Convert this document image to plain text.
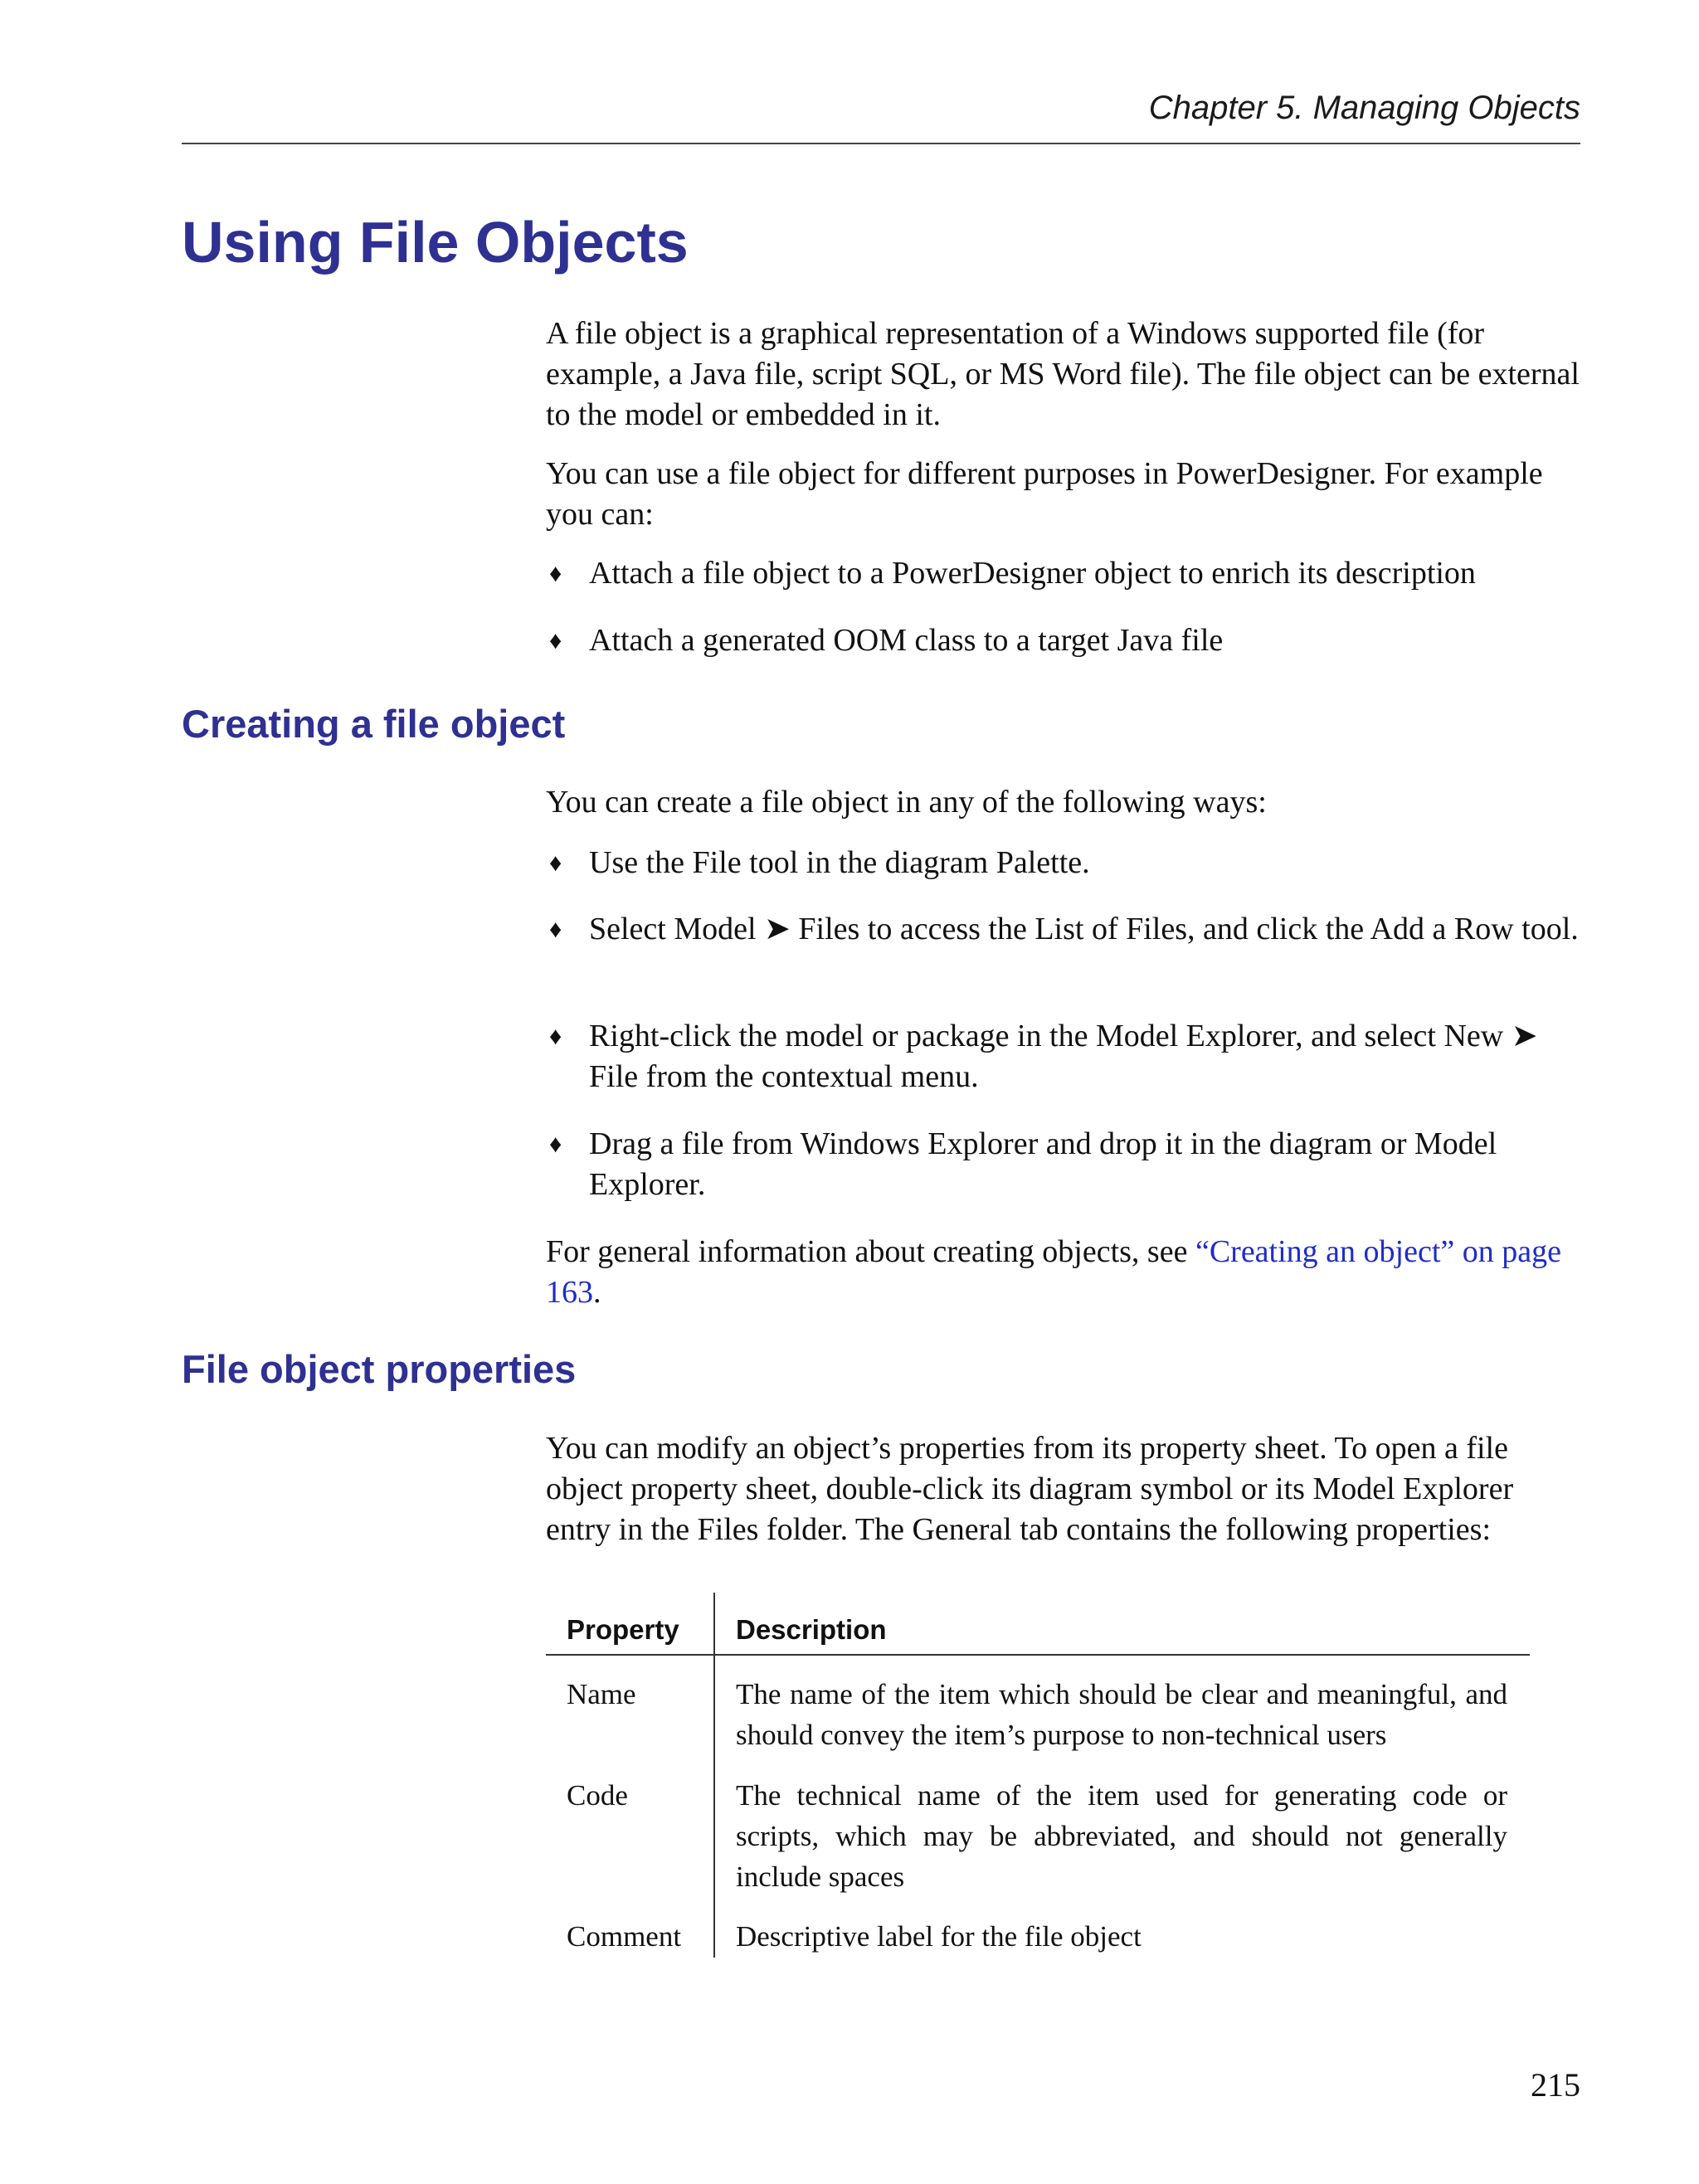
Chapter 5. Managing Objects
Using File Objects

A file object is a graphical representation of a Windows supported file (for example, a Java file, script SQL, or MS Word file). The file object can be external to the model or embedded in it.

You can use a file object for different purposes in PowerDesigner. For example you can:

♦ Attach a file object to a PowerDesigner object to enrich its description
♦ Attach a generated OOM class to a target Java file
Creating a file object

You can create a file object in any of the following ways:

♦ Use the File tool in the diagram Palette.
♦ Select Model ➤ Files to access the List of Files, and click the Add a Row tool.
♦ Right-click the model or package in the Model Explorer, and select New ➤ File from the contextual menu.
♦ Drag a file from Windows Explorer and drop it in the diagram or Model Explorer.

For general information about creating objects, see “Creating an object” on page 163.

File object properties

You can modify an object’s properties from its property sheet. To open a file object property sheet, double-click its diagram symbol or its Model Explorer entry in the Files folder. The General tab contains the following properties:

Property Description
Name	The name of the item which should be clear and meaningful, and should convey the item’s purpose to non-technical users
Code	The technical name of the item used for generating code or scripts, which may be abbreviated, and should not generally include spaces
Comment Descriptive label for the file object
215
